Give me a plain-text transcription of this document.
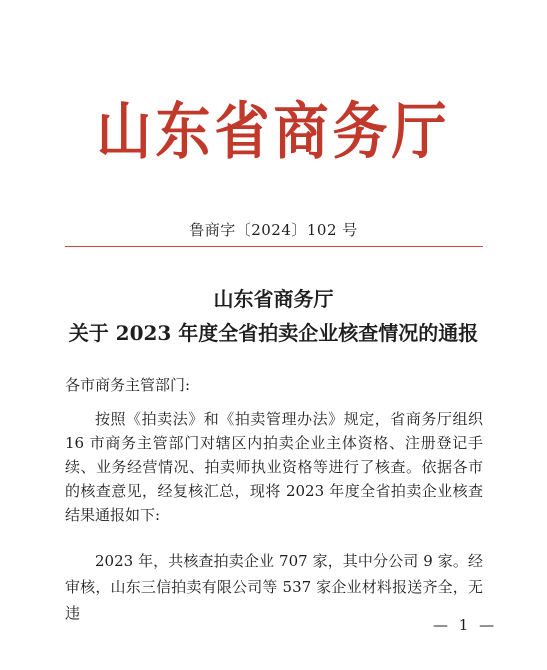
山东省商务厅
鲁商字〔2024〕102 号
山东省商务厅
关于 2023 年度全省拍卖企业核查情况的通报
各市商务主管部门:
按照《拍卖法》和《拍卖管理办法》规定，省商务厅组织 16 市商务主管部门对辖区内拍卖企业主体资格、注册登记手续、业务经营情况、拍卖师执业资格等进行了核查。依据各市的核查意见，经复核汇总，现将 2023 年度全省拍卖企业核查结果通报如下:
2023 年，共核查拍卖企业 707 家，其中分公司 9 家。经审核，山东三信拍卖有限公司等 537 家企业材料报送齐全，无违
— 1 —
